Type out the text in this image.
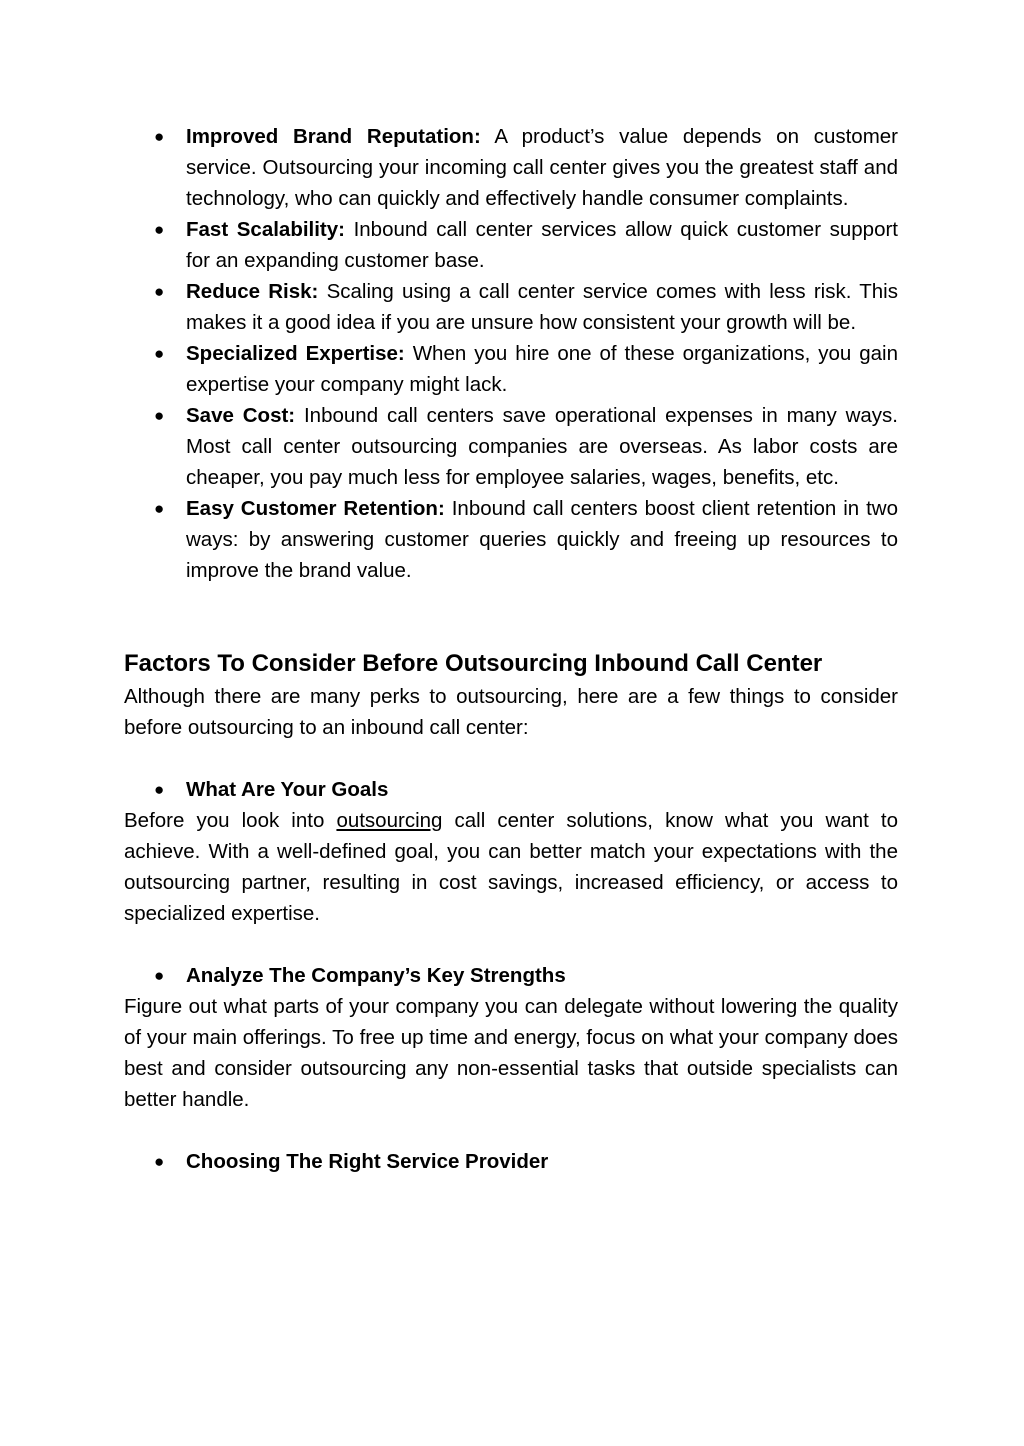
● Improved Brand Reputation: A product’s value depends on customer service. Outsourcing your incoming call center gives you the greatest staff and technology, who can quickly and effectively handle consumer complaints.
● Fast Scalability: Inbound call center services allow quick customer support for an expanding customer base.
● Reduce Risk: Scaling using a call center service comes with less risk. This makes it a good idea if you are unsure how consistent your growth will be.
● Specialized Expertise: When you hire one of these organizations, you gain expertise your company might lack.
● Save Cost: Inbound call centers save operational expenses in many ways. Most call center outsourcing companies are overseas. As labor costs are cheaper, you pay much less for employee salaries, wages, benefits, etc.
● Easy Customer Retention: Inbound call centers boost client retention in two ways: by answering customer queries quickly and freeing up resources to improve the brand value.
Factors To Consider Before Outsourcing Inbound Call Center

Although there are many perks to outsourcing, here are a few things to consider before outsourcing to an inbound call center:

● What Are Your Goals

Before you look into outsourcing call center solutions, know what you want to achieve. With a well-defined goal, you can better match your expectations with the outsourcing partner, resulting in cost savings, increased efficiency, or access to specialized expertise.

● Analyze The Company’s Key Strengths

Figure out what parts of your company you can delegate without lowering the quality of your main offerings. To free up time and energy, focus on what your company does best and consider outsourcing any non-essential tasks that outside specialists can better handle.

● Choosing The Right Service Provider
